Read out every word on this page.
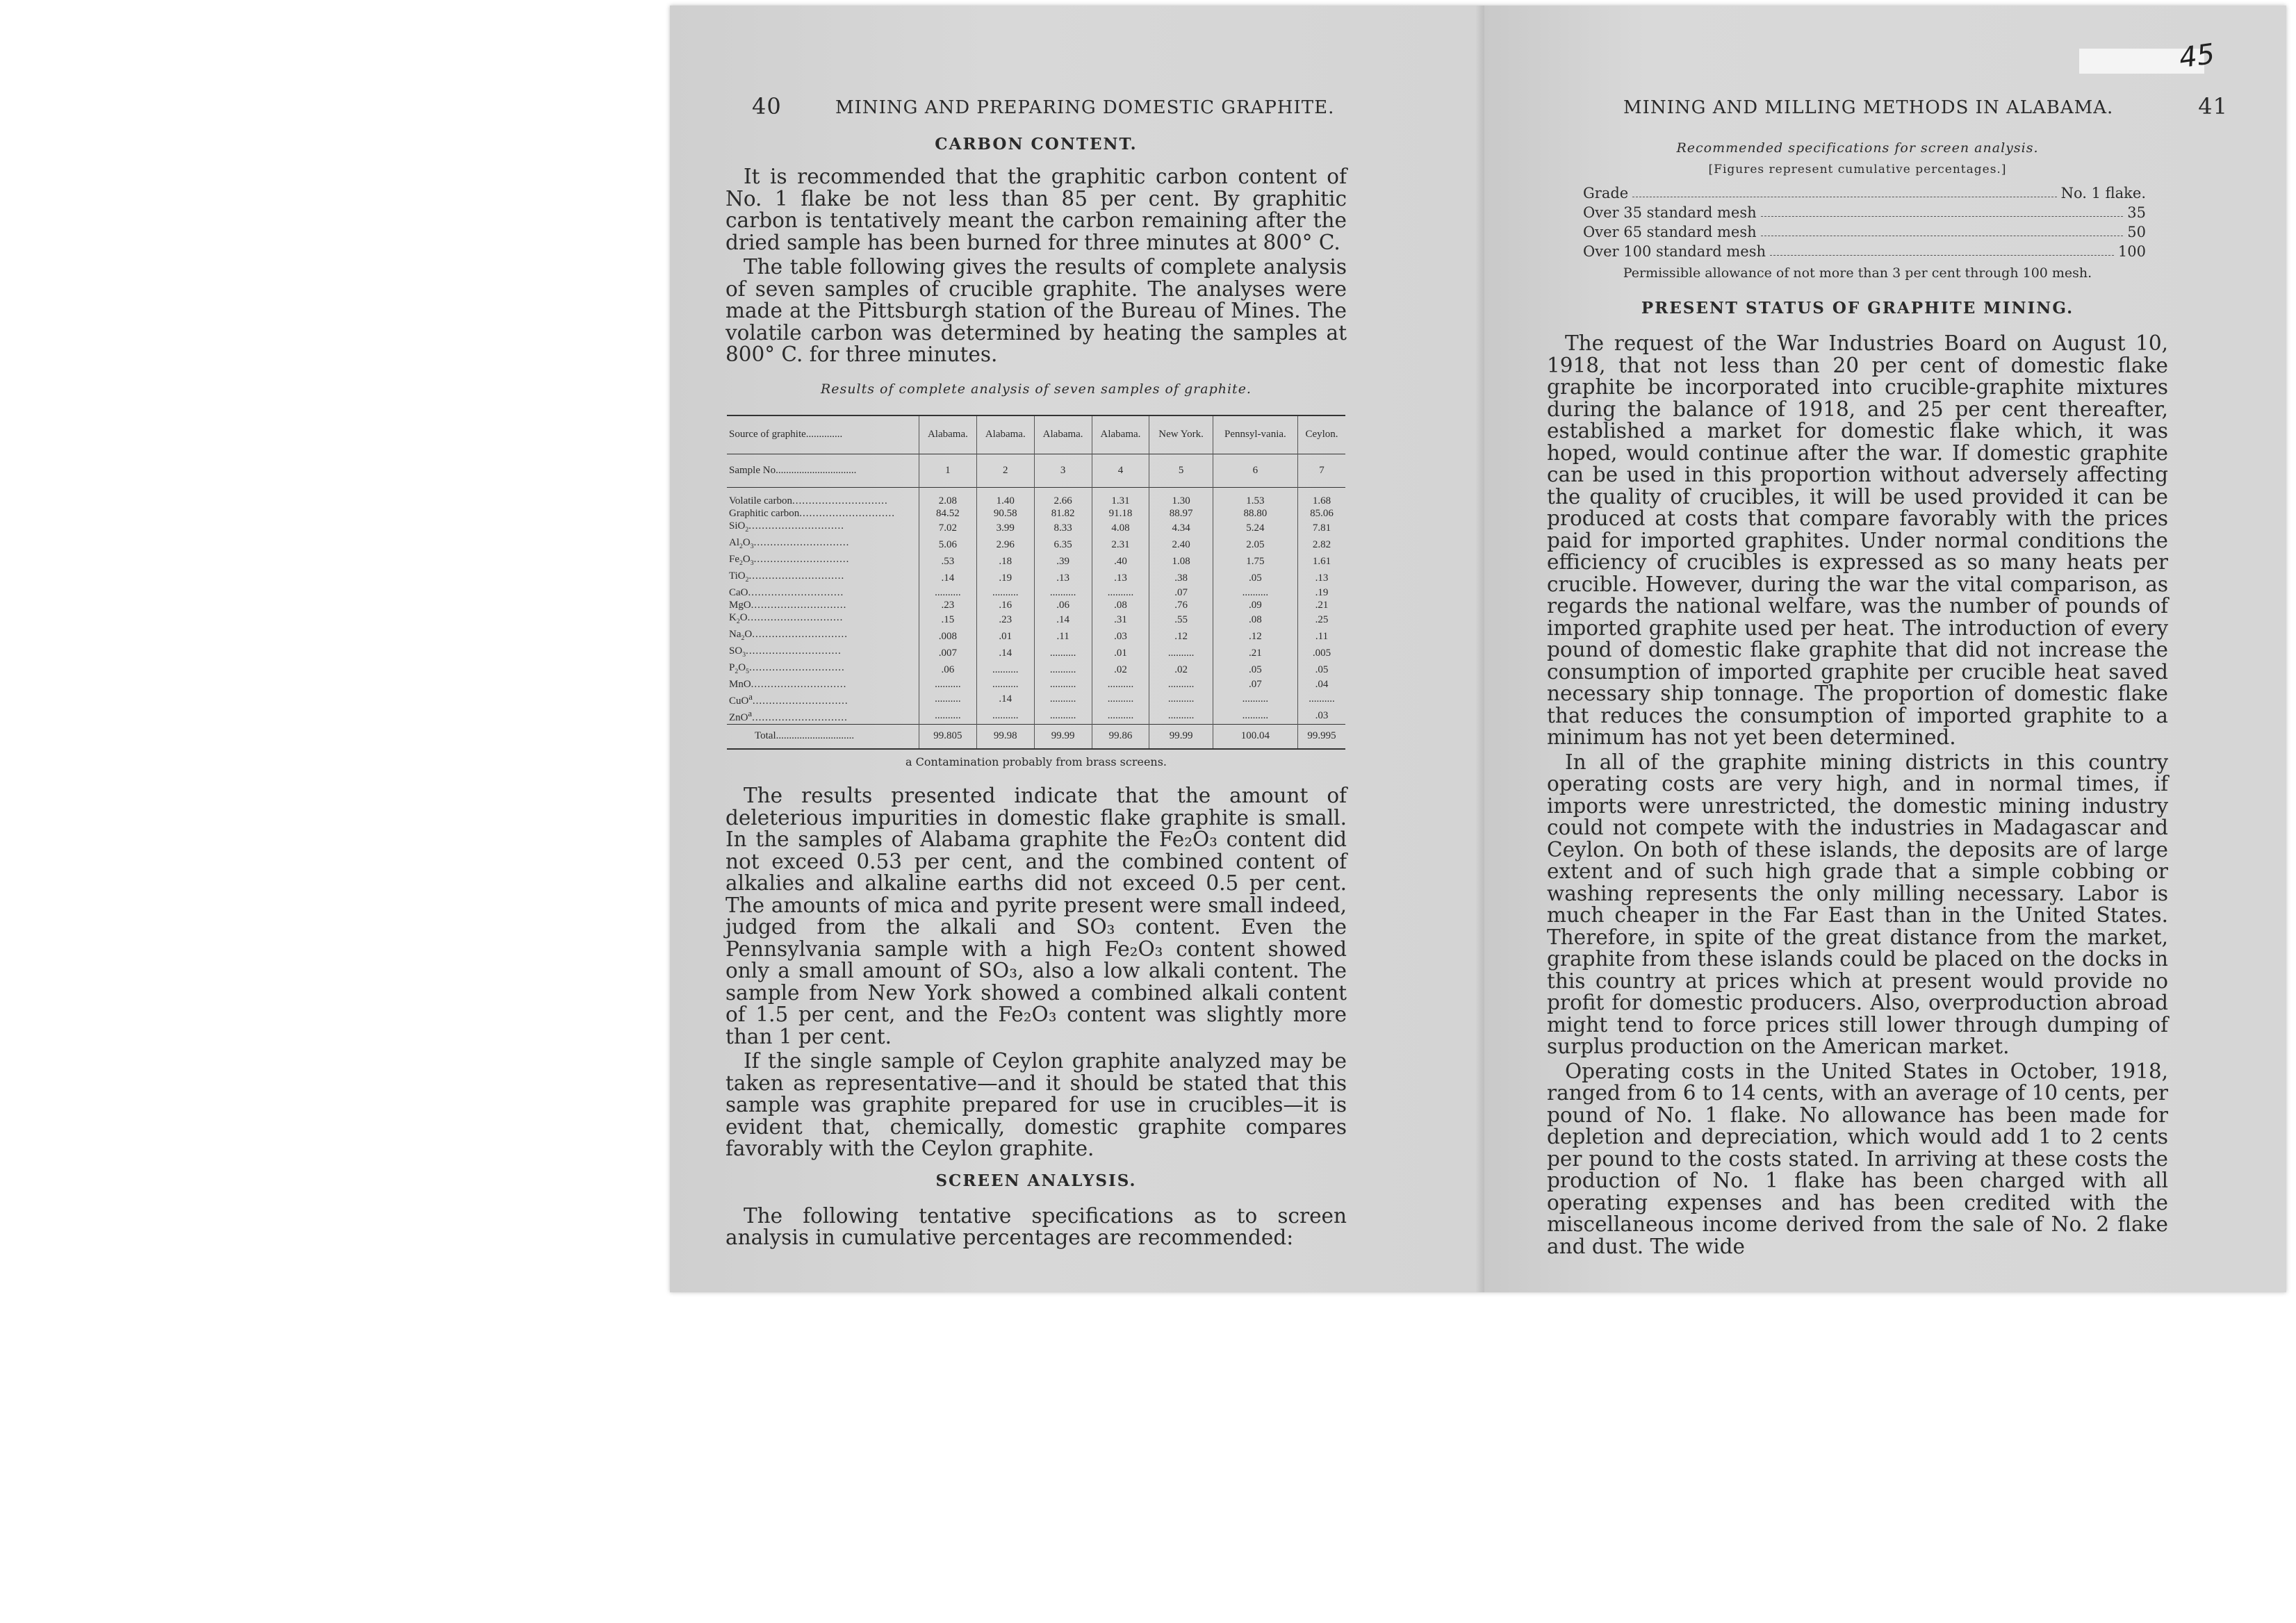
40	MINING AND PREPARING DOMESTIC GRAPHITE.
CARBON CONTENT.

It is recommended that the graphitic carbon content of No. 1 flake be not less than 85 per cent. By graphitic carbon is tentatively meant the carbon remaining after the dried sample has been burned for three minutes at 800° C.

The table following gives the results of complete analysis of seven samples of crucible graphite. The analyses were made at the Pittsburgh station of the Bureau of Mines. The volatile carbon was determined by heating the samples at 800° C. for three minutes.

Results of complete analysis of seven samples of graphite.
Source of graphite..............	Alabama.	Alabama.	Alabama.	Alabama.	New York.	Pennsyl-vania.	Ceylon.
Sample No...............................	1	2	3	4	5	6	7

Volatile carbon.............................	2.08	1.40	2.66	1.31	1.30	1.53	1.68
Graphitic carbon.............................	84.52	90.58	81.82	91.18	88.97	88.80	85.06
SiO$_2$.............................	7.02	3.99	8.33	4.08	4.34	5.24	7.81
$Al_2O_3$.............................	5.06	2.96	6.35	2.31	2.40	2.05	2.82
$Fe_2O_3$.............................	.53	.18	.39	.40	1.08	1.75	1.61
TiO$_2$.............................	.14	.19	.13	.13	.38	.05	.13
CaO.............................	..........	..........	..........	..........	.07	..........	.19
MgO.............................	.23	.16	.06	.08	.76	.09	.21
$K_2O$.............................	.15	.23	.14	.31	.55	.08	.25
$Na_2O$.............................	.008	.01	.11	.03	.12	.12	.11
$SO_3$.............................	.007	.14	..........	.01	..........	.21	.005
$P_2O_5$.............................	.06	..........	..........	.02	.02	.05	.05
MnO.............................	..........	..........	..........	..........	..........	.07	.04
CuO$^a$.............................	..........	.14	..........	..........	..........	..........	..........
ZnO$^a$.............................	..........	..........	..........	..........	..........	..........	.03
Total..............................	99.805	99.98	99.99	99.86	99.99	100.04	99.995
a Contamination probably from brass screens.

The results presented indicate that the amount of deleterious impurities in domestic flake graphite is small. In the samples of Alabama graphite the Fe₂O₃ content did not exceed 0.53 per cent, and the combined content of alkalies and alkaline earths did not exceed 0.5 per cent. The amounts of mica and pyrite present were small indeed, judged from the alkali and SO₃ content. Even the Pennsylvania sample with a high Fe₂O₃ content showed only a small amount of SO₃, also a low alkali content. The sample from New York showed a combined alkali content of 1.5 per cent, and the Fe₂O₃ content was slightly more than 1 per cent.

If the single sample of Ceylon graphite analyzed may be taken as representative—and it should be stated that this sample was graphite prepared for use in crucibles—it is evident that, chemically, domestic graphite compares favorably with the Ceylon graphite.

SCREEN ANALYSIS.

The following tentative specifications as to screen analysis in cumulative percentages are recommended:

45
MINING AND MILLING METHODS IN ALABAMA.	41
Recommended specifications for screen analysis.
[Figures represent cumulative percentages.]
Grade	No. 1 flake.
Over 35 standard mesh	35
Over 65 standard mesh	50
Over 100 standard mesh	100
Permissible allowance of not more than 3 per cent through 100 mesh.
PRESENT STATUS OF GRAPHITE MINING.

The request of the War Industries Board on August 10, 1918, that not less than 20 per cent of domestic flake graphite be incorporated into crucible-graphite mixtures during the balance of 1918, and 25 per cent thereafter, established a market for domestic flake which, it was hoped, would continue after the war. If domestic graphite can be used in this proportion without adversely affecting the quality of crucibles, it will be used provided it can be produced at costs that compare favorably with the prices paid for imported graphites. Under normal conditions the efficiency of crucibles is expressed as so many heats per crucible. However, during the war the vital comparison, as regards the national welfare, was the number of pounds of imported graphite used per heat. The introduction of every pound of domestic flake graphite that did not increase the consumption of imported graphite per crucible heat saved necessary ship tonnage. The proportion of domestic flake that reduces the consumption of imported graphite to a minimum has not yet been determined.

In all of the graphite mining districts in this country operating costs are very high, and in normal times, if imports were unrestricted, the domestic mining industry could not compete with the industries in Madagascar and Ceylon. On both of these islands, the deposits are of large extent and of such high grade that a simple cobbing or washing represents the only milling necessary. Labor is much cheaper in the Far East than in the United States. Therefore, in spite of the great distance from the market, graphite from these islands could be placed on the docks in this country at prices which at present would provide no profit for domestic producers. Also, overproduction abroad might tend to force prices still lower through dumping of surplus production on the American market.

Operating costs in the United States in October, 1918, ranged from 6 to 14 cents, with an average of 10 cents, per pound of No. 1 flake. No allowance has been made for depletion and depreciation, which would add 1 to 2 cents per pound to the costs stated. In arriving at these costs the production of No. 1 flake has been charged with all operating expenses and has been credited with the miscellaneous income derived from the sale of No. 2 flake and dust. The wide
